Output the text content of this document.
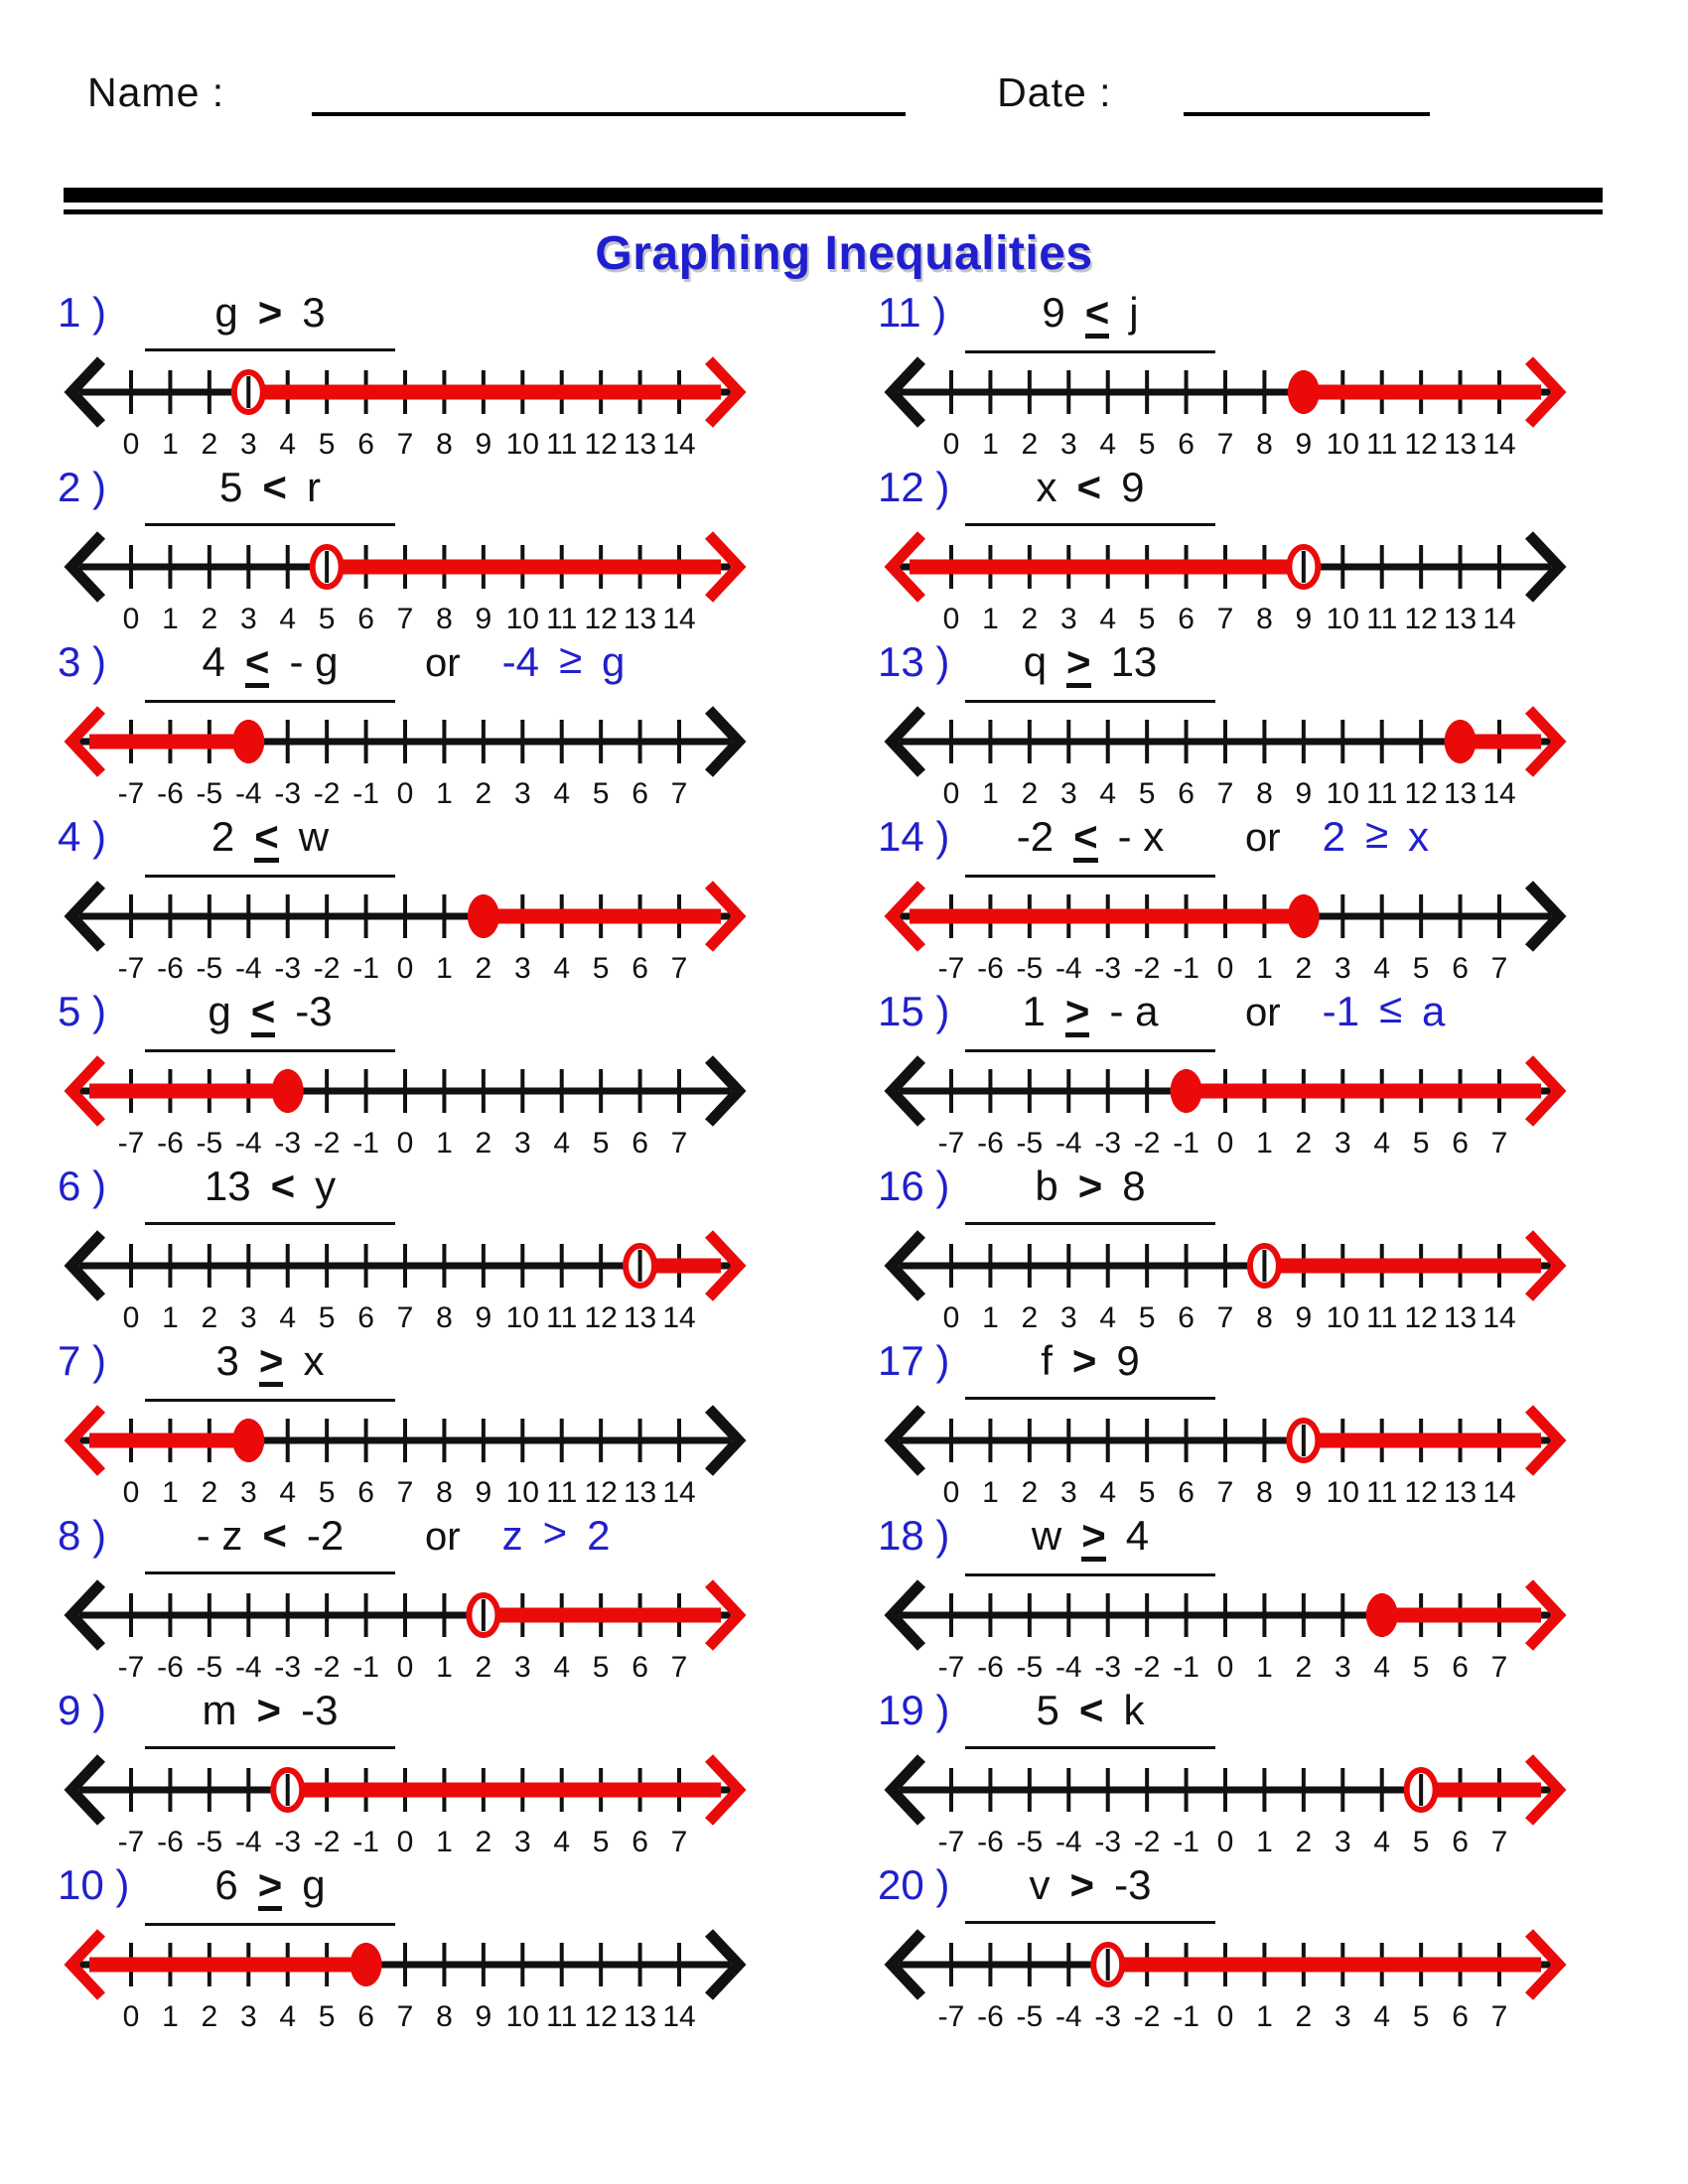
Name :	Date :
Graphing Inequalities
1 )	g > 3
0 1 2 3 4 5 6 7 8 9 10 11 12 13 14
2 )	5 < r
0 1 2 3 4 5 6 7 8 9 10 11 12 13 14
3 )	4 < - g or -4 ≥ g
-7 -6 -5 -4 -3 -2 -1 0 1 2 3 4 5 6 7
4 )	2 < w
-7 -6 -5 -4 -3 -2 -1 0 1 2 3 4 5 6 7
5 )	g < -3
-7 -6 -5 -4 -3 -2 -1 0 1 2 3 4 5 6 7
6 )	13 < y
0 1 2 3 4 5 6 7 8 9 10 11 12 13 14
7 )	3 > x
0 1 2 3 4 5 6 7 8 9 10 11 12 13 14
8 )	- z < -2 or z > 2
-7 -6 -5 -4 -3 -2 -1 0 1 2 3 4 5 6 7
9 )	m > -3
-7 -6 -5 -4 -3 -2 -1 0 1 2 3 4 5 6 7
10 )	6 > g
0 1 2 3 4 5 6 7 8 9 10 11 12 13 14
11 )	9 < j
0 1 2 3 4 5 6 7 8 9 10 11 12 13 14
12 )	x < 9
0 1 2 3 4 5 6 7 8 9 10 11 12 13 14
13 )	q > 13
0 1 2 3 4 5 6 7 8 9 10 11 12 13 14
14 )	-2 < - x or 2 ≥ x
-7 -6 -5 -4 -3 -2 -1 0 1 2 3 4 5 6 7
15 )	1 > - a or -1 ≤ a
-7 -6 -5 -4 -3 -2 -1 0 1 2 3 4 5 6 7
16 )	b > 8
0 1 2 3 4 5 6 7 8 9 10 11 12 13 14
17 )	f > 9
0 1 2 3 4 5 6 7 8 9 10 11 12 13 14
18 )	w > 4
-7 -6 -5 -4 -3 -2 -1 0 1 2 3 4 5 6 7
19 )	5 < k
-7 -6 -5 -4 -3 -2 -1 0 1 2 3 4 5 6 7
20 )	v > -3
-7 -6 -5 -4 -3 -2 -1 0 1 2 3 4 5 6 7
